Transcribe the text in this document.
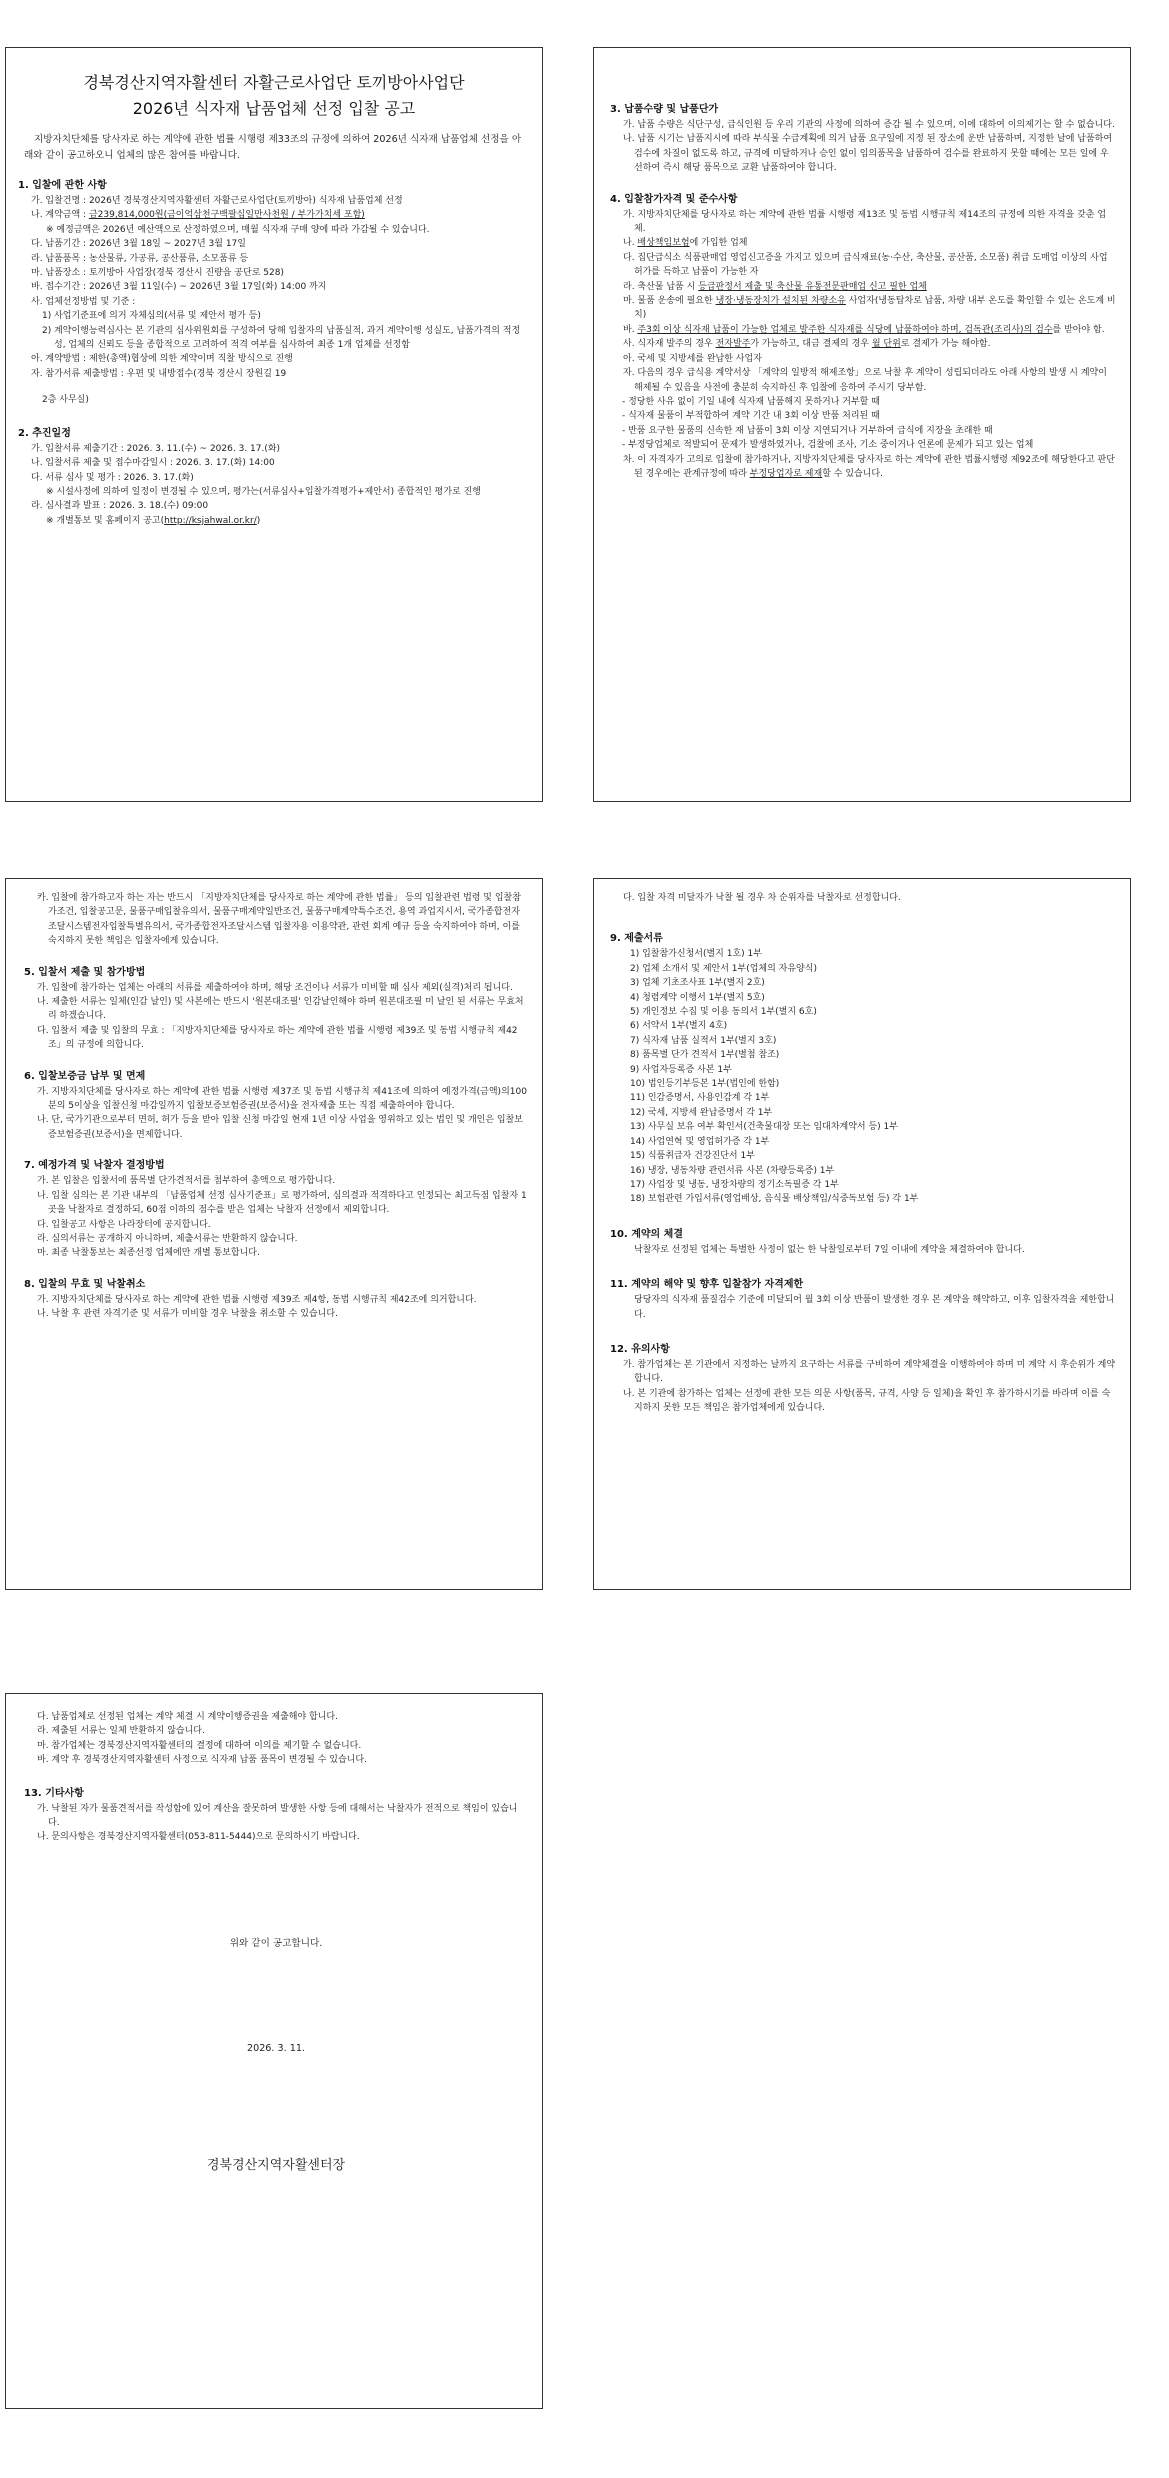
경북경산지역자활센터 자활근로사업단 토끼방아사업단
2026년 식자재 납품업체 선정 입찰 공고
지방자치단체를 당사자로 하는 계약에 관한 법률 시행령 제33조의 규정에 의하여 2026년 식자재 납품업체 선정을 아래와 같이 공고하오니 업체의 많은 참여를 바랍니다.
1. 입찰에 관한 사항
가. 입찰건명 : 2026년 경북경산지역자활센터 자활근로사업단(토끼방아) 식자재 납품업체 선정
나. 계약금액 : 금239,814,000원(금이억삼천구백팔십일만사천원 / 부가가치세 포함)
※ 예정금액은 2026년 예산액으로 산정하였으며, 매월 식자재 구매 양에 따라 가감될 수 있습니다.
다. 납품기간 : 2026년 3월 18일 ~ 2027년 3월 17일
라. 납품품목 : 농산물류, 가공류, 공산품류, 소모품류 등
마. 납품장소 : 토끼방아 사업장(경북 경산시 진량읍 공단로 528)
바. 접수기간 : 2026년 3월 11일(수) ~ 2026년 3월 17일(화) 14:00 까지
사. 업체선정방법 및 기준 :
1) 사업기준표에 의거 자체심의(서류 및 제안서 평가 등)
2) 계약이행능력심사는 본 기관의 심사위원회를 구성하여 당해 입찰자의 납품실적, 과거 계약이행 성실도, 납품가격의 적정성, 업체의 신뢰도 등을 종합적으로 고려하여 적격 여부를 심사하여 최종 1개 업체를 선정함
아. 계약방법 : 제한(총액)협상에 의한 계약이며 직찰 방식으로 진행
자. 참가서류 제출방법 : 우편 및 내방접수(경북 경산시 장원길 19
2층 사무실)
2. 추진일정
가. 입찰서류 제출기간 : 2026. 3. 11.(수) ~ 2026. 3. 17.(화)
나. 입찰서류 제출 및 접수마감일시 : 2026. 3. 17.(화) 14:00
다. 서류 심사 및 평가 : 2026. 3. 17.(화)
※ 시설사정에 의하여 일정이 변경될 수 있으며, 평가는(서류심사+입찰가격평가+제안서) 종합적인 평가로 진행
라. 심사결과 발표 : 2026. 3. 18.(수) 09:00
※ 개별통보 및 홈페이지 공고(http://ksjahwal.or.kr/)
3. 납품수량 및 납품단가
가. 납품 수량은 식단구성, 급식인원 등 우리 기관의 사정에 의하여 증감 될 수 있으며, 이에 대하여 이의제기는 할 수 없습니다.
나. 납품 시기는 납품지시에 따라 부식물 수급계획에 의거 납품 요구일에 지정 된 장소에 운반 납품하며, 지정한 날에 납품하여 검수에 차질이 없도록 하고, 규격에 미달하거나 승인 없이 임의품목을 납품하여 검수를 완료하지 못할 때에는 모든 일에 우선하여 즉시 해당 품목으로 교환 납품하여야 합니다.
4. 입찰참가자격 및 준수사항
가. 지방자치단체를 당사자로 하는 계약에 관한 법률 시행령 제13조 및 동법 시행규칙 제14조의 규정에 의한 자격을 갖춘 업체.
나. 배상책임보험에 가입한 업체
다. 집단급식소 식품판매업 영업신고증을 가지고 있으며 급식재료(농·수산, 축산물, 공산품, 소모품) 취급 도매업 이상의 사업허가를 득하고 납품이 가능한 자
라. 축산물 납품 시 등급판정서 제출 및 축산물 유통전문판매업 신고 필한 업체
마. 물품 운송에 필요한 냉장·냉동장치가 설치된 차량소유 사업자(냉동탑차로 납품, 차량 내부 온도를 확인할 수 있는 온도계 비치)
바. 주3회 이상 식자재 납품이 가능한 업체로 발주한 식자재를 식당에 납품하여야 하며, 검독관(조리사)의 검수를 받아야 함.
사. 식자재 발주의 경우 전자발주가 가능하고, 대금 결제의 경우 월 단위로 결제가 가능 해야함.
아. 국세 및 지방세를 완납한 사업자
자. 다음의 경우 급식용 계약서상 「계약의 일방적 해제조항」으로 낙찰 후 계약이 성립되더라도 아래 사항의 발생 시 계약이 해제될 수 있음을 사전에 충분히 숙지하신 후 입찰에 응하여 주시기 당부함.
- 정당한 사유 없이 기일 내에 식자재 납품해지 못하거나 거부할 때
- 식자재 물품이 부적합하여 계약 기간 내 3회 이상 반품 처리된 때
- 반품 요구한 물품의 신속한 재 납품이 3회 이상 지연되거나 거부하여 급식에 지장을 초래한 때
- 부정당업체로 적발되어 문제가 발생하였거나, 검찰에 조사, 기소 중이거나 언론에 문제가 되고 있는 업체
차. 이 자격자가 고의로 입찰에 참가하거나, 지방자치단체를 당사자로 하는 계약에 관한 법률시행령 제92조에 해당한다고 판단된 경우에는 관계규정에 따라 부정당업자로 제재할 수 있습니다.
카. 입찰에 참가하고자 하는 자는 반드시 「지방자치단체를 당사자로 하는 계약에 관한 법률」 등의 입찰관련 법령 및 입찰참가조건, 입찰공고문, 물품구매입찰유의서, 물품구매계약일반조건, 물품구매계약특수조건, 용역 과업지시서, 국가종합전자조달시스템전자입찰특별유의서, 국가종합전자조달시스템 입찰자용 이용약관, 관련 회계 예규 등을 숙지하여야 하며, 이를 숙지하지 못한 책임은 입찰자에게 있습니다.
5. 입찰서 제출 및 참가방법
가. 입찰에 참가하는 업체는 아래의 서류를 제출하여야 하며, 해당 조건이나 서류가 미비할 때 심사 제외(실격)처리 됩니다.
나. 제출한 서류는 일체(인감 날인) 및 사본에는 반드시 '원본대조필' 인감날인해야 하며 원본대조필 미 날인 된 서류는 무효처리 하겠습니다.
다. 입찰서 제출 및 입찰의 무효 : 「지방자치단체를 당사자로 하는 계약에 관한 법률 시행령 제39조 및 동법 시행규칙 제42조」의 규정에 의합니다.
6. 입찰보증금 납부 및 면제
가. 지방자치단체를 당사자로 하는 계약에 관한 법률 시행령 제37조 및 동법 시행규칙 제41조에 의하여 예정가격(금액)의100분의 5이상을 입찰신청 마감일까지 입찰보증보험증권(보증서)을 전자제출 또는 직접 제출하여야 합니다.
나. 단, 국가기관으로부터 면허, 허가 등을 받아 입찰 신청 마감일 현재 1년 이상 사업을 영위하고 있는 법인 및 개인은 입찰보증보험증권(보증서)을 면제합니다.
7. 예정가격 및 낙찰자 결정방법
가. 본 입찰은 입찰서에 품목별 단가견적서를 첨부하여 총액으로 평가합니다.
나. 입찰 심의는 본 기관 내부의 「납품업체 선정 심사기준표」로 평가하여, 심의결과 적격하다고 인정되는 최고득점 입찰자 1곳을 낙찰자로 결정하되, 60점 이하의 점수를 받은 업체는 낙찰자 선정에서 제외합니다.
다. 입찰공고 사항은 나라장터에 공지합니다.
라. 심의서류는 공개하지 아니하며, 제출서류는 반환하지 않습니다.
마. 최종 낙찰통보는 최종선정 업체에만 개별 통보합니다.
8. 입찰의 무효 및 낙찰취소
가. 지방자치단체를 당사자로 하는 계약에 관한 법률 시행령 제39조 제4항, 동법 시행규칙 제42조에 의거합니다.
나. 낙찰 후 관련 자격기준 및 서류가 미비할 경우 낙찰을 취소할 수 있습니다.
다. 입찰 자격 미달자가 낙찰 될 경우 차 순위자를 낙찰자로 선정합니다.
9. 제출서류
1) 입찰참가신청서(별지 1호) 1부
2) 업체 소개서 및 제안서 1부(업체의 자유양식)
3) 업체 기초조사표 1부(별지 2호)
4) 청렴계약 이행서 1부(별지 5호)
5) 개인정보 수집 및 이용 동의서 1부(별지 6호)
6) 서약서 1부(별지 4호)
7) 식자재 납품 실적서 1부(별지 3호)
8) 품목별 단가 견적서 1부(별첨 참조)
9) 사업자등록증 사본 1부
10) 법인등기부등본 1부(법인에 한함)
11) 인감증명서, 사용인감계 각 1부
12) 국세, 지방세 완납증명서 각 1부
13) 사무실 보유 여부 확인서(건축물대장 또는 임대차계약서 등) 1부
14) 사업연혁 및 영업허가증 각 1부
15) 식품취급자 건강진단서 1부
16) 냉장, 냉동차량 관련서류 사본 (차량등록증) 1부
17) 사업장 및 냉동, 냉장차량의 정기소독필증 각 1부
18) 보험관련 가입서류(영업배상, 음식물 배상책임/식중독보험 등) 각 1부
10. 계약의 체결
낙찰자로 선정된 업체는 특별한 사정이 없는 한 낙찰일로부터 7일 이내에 계약을 체결하여야 합니다.
11. 계약의 해약 및 향후 입찰참가 자격제한
당당자의 식자재 품질검수 기준에 미달되어 월 3회 이상 반품이 발생한 경우 본 계약을 해약하고, 이후 입찰자격을 제한합니다.
12. 유의사항
가. 참가업체는 본 기관에서 지정하는 날까지 요구하는 서류를 구비하여 계약체결을 이행하여야 하며 미 계약 시 후순위가 계약합니다.
나. 본 기관에 참가하는 업체는 선정에 관한 모든 의문 사항(품목, 규격, 사양 등 일체)을 확인 후 참가하시기를 바라며 이를 숙지하지 못한 모든 책임은 참가업체에게 있습니다.
다. 납품업체로 선정된 업체는 계약 체결 시 계약이행증권을 제출해야 합니다.
라. 제출된 서류는 일체 반환하지 않습니다.
마. 참가업체는 경북경산지역자활센터의 결정에 대하여 이의를 제기할 수 없습니다.
바. 계약 후 경북경산지역자활센터 사정으로 식자재 납품 품목이 변경될 수 있습니다.
13. 기타사항
가. 낙찰된 자가 물품견적서를 작성함에 있어 계산을 잘못하여 발생한 사항 등에 대해서는 낙찰자가 전적으로 책임이 있습니다.
나. 문의사항은 경북경산지역자활센터(053-811-5444)으로 문의하시기 바랍니다.
위와 같이 공고합니다.
2026. 3. 11.
경북경산지역자활센터장
